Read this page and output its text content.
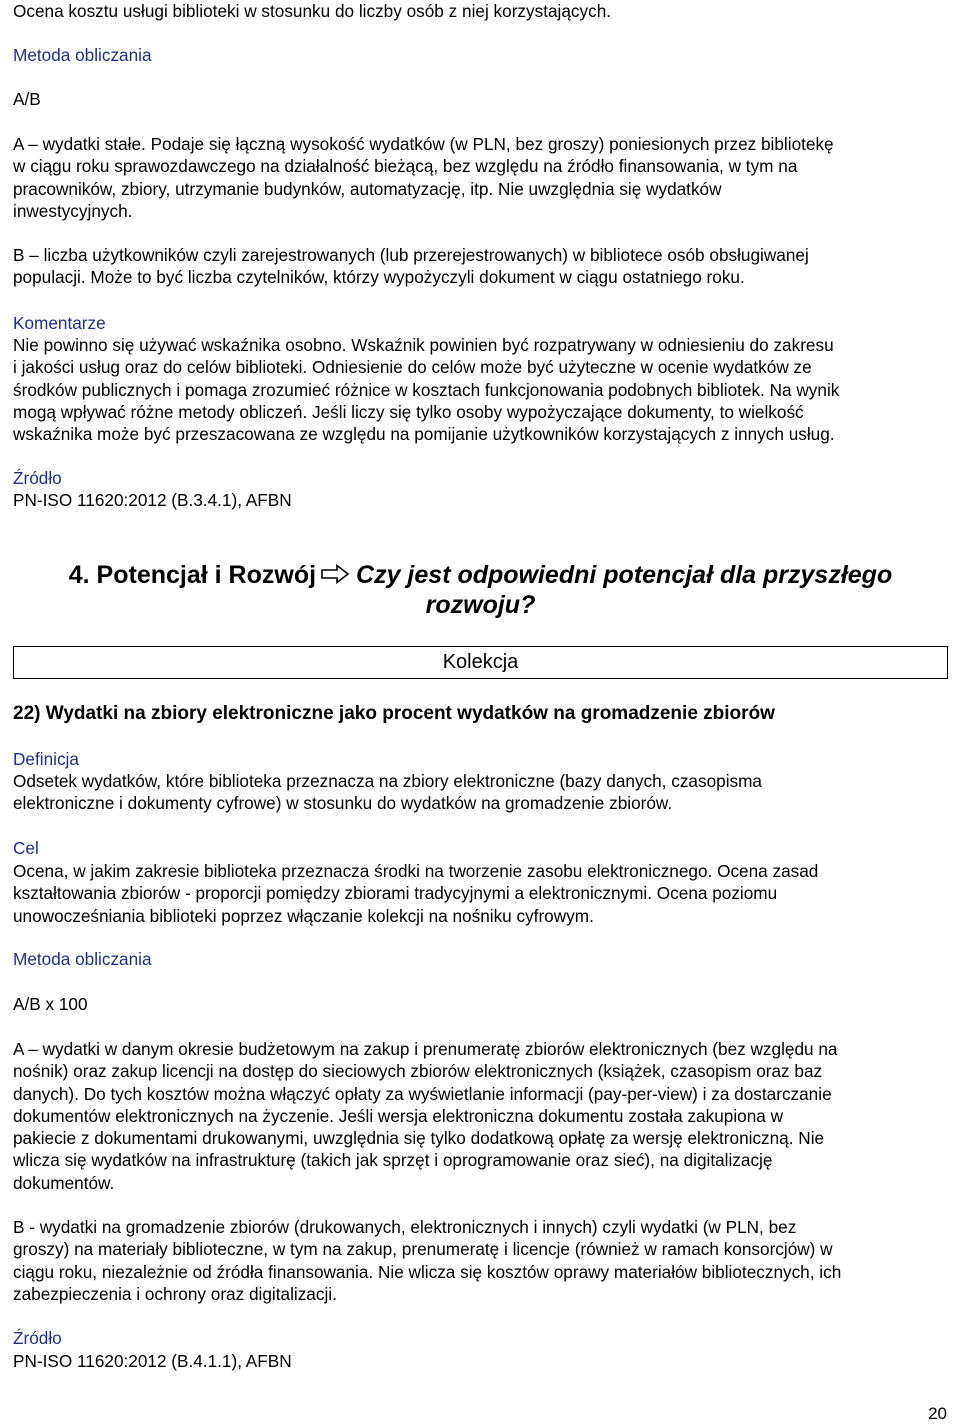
Ocena kosztu usługi biblioteki w stosunku do liczby osób z niej korzystających.

Metoda obliczania

A/B

A – wydatki stałe. Podaje się łączną wysokość wydatków (w PLN, bez groszy) poniesionych przez bibliotekę

w ciągu roku sprawozdawczego na działalność bieżącą, bez względu na źródło finansowania, w tym na

pracowników, zbiory, utrzymanie budynków, automatyzację, itp. Nie uwzględnia się wydatków

inwestycyjnych.

B – liczba użytkowników czyli zarejestrowanych (lub przerejestrowanych) w bibliotece osób obsługiwanej

populacji. Może to być liczba czytelników, którzy wypożyczyli dokument w ciągu ostatniego roku.

Komentarze

Nie powinno się używać wskaźnika osobno. Wskaźnik powinien być rozpatrywany w odniesieniu do zakresu

i jakości usług oraz do celów biblioteki. Odniesienie do celów może być użyteczne w ocenie wydatków ze

środków publicznych i pomaga zrozumieć różnice w kosztach funkcjonowania podobnych bibliotek. Na wynik

mogą wpływać różne metody obliczeń. Jeśli liczy się tylko osoby wypożyczające dokumenty, to wielkość

wskaźnika może być przeszacowana ze względu na pomijanie użytkowników korzystających z innych usług.

Źródło

PN-ISO 11620:2012 (B.3.4.1), AFBN

4. Potencjał i Rozwój Czy jest odpowiedni potencjał dla przyszłego
rozwoju?
Kolekcja

22) Wydatki na zbiory elektroniczne jako procent wydatków na gromadzenie zbiorów

Definicja

Odsetek wydatków, które biblioteka przeznacza na zbiory elektroniczne (bazy danych, czasopisma

elektroniczne i dokumenty cyfrowe) w stosunku do wydatków na gromadzenie zbiorów.

Cel

Ocena, w jakim zakresie biblioteka przeznacza środki na tworzenie zasobu elektronicznego. Ocena zasad

kształtowania zbiorów - proporcji pomiędzy zbiorami tradycyjnymi a elektronicznymi. Ocena poziomu

unowocześniania biblioteki poprzez włączanie kolekcji na nośniku cyfrowym.

Metoda obliczania

A/B x 100

A – wydatki w danym okresie budżetowym na zakup i prenumeratę zbiorów elektronicznych (bez względu na

nośnik) oraz zakup licencji na dostęp do sieciowych zbiorów elektronicznych (książek, czasopism oraz baz

danych). Do tych kosztów można włączyć opłaty za wyświetlanie informacji (pay-per-view) i za dostarczanie

dokumentów elektronicznych na życzenie. Jeśli wersja elektroniczna dokumentu została zakupiona w

pakiecie z dokumentami drukowanymi, uwzględnia się tylko dodatkową opłatę za wersję elektroniczną. Nie

wlicza się wydatków na infrastrukturę (takich jak sprzęt i oprogramowanie oraz sieć), na digitalizację

dokumentów.

B - wydatki na gromadzenie zbiorów (drukowanych, elektronicznych i innych) czyli wydatki (w PLN, bez

groszy) na materiały biblioteczne, w tym na zakup, prenumeratę i licencje (również w ramach konsorcjów) w

ciągu roku, niezależnie od źródła finansowania. Nie wlicza się kosztów oprawy materiałów bibliotecznych, ich

zabezpieczenia i ochrony oraz digitalizacji.

Źródło

PN-ISO 11620:2012 (B.4.1.1), AFBN

20
